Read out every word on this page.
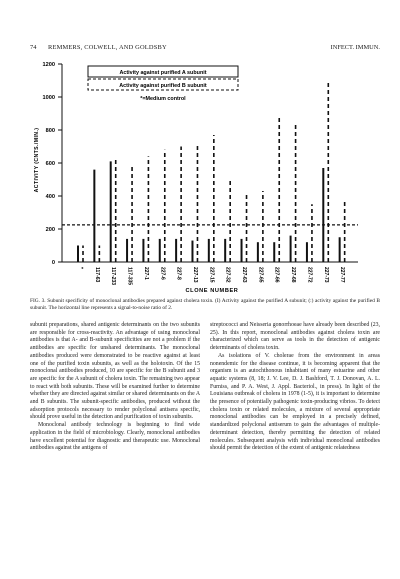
74 REMMERS, COLWELL, AND GOLDSBY	INFECT. IMMUN.
0
200
400
600
800
1000
1200
* 117-63 117-233 117-335 227-1 227-6 227-8 227-13 227-15 227-32 227-63 227-65 227-66 227-68 227-72 227-73 227-77
Activity against purified A subunit
Activity against purified B subunit
*=Medium control
ACTIVITY (CNTS./MIN.)
CLONE NUMBER
FIG. 3. Subunit specificity of monoclonal antibodies prepared against cholera toxin. (I) Activity against the purified A subunit; (:) activity against the purified B subunit. The horizontal line represents a signal-to-noise ratio of 2.

subunit preparations, shared antigenic determinants on the two subunits are responsible for cross-reactivity. An advantage of using monoclonal antibodies is that A- and B-subunit specificities are not a problem if the antibodies are specific for unshared determinants. The monoclonal antibodies produced were demonstrated to be reactive against at least one of the purified toxin subunits, as well as the holotoxin. Of the 15 monoclonal antibodies produced, 10 are specific for the B subunit and 3 are specific for the A subunit of cholera toxin. The remaining two appear to react with both subunits. These will be examined further to determine whether they are directed against similar or shared determinants on the A and B subunits. The subunit-specific antibodies, produced without the adsorption protocols necessary to render polyclonal antisera specific, should prove useful in the detection and purification of toxin subunits.

Monoclonal antibody technology is beginning to find wide application in the field of microbiology. Clearly, monoclonal antibodies have excellent potential for diagnostic and therapeutic use. Monoclonal antibodies against the antigens of

streptococci and Neisseria gonorrhoeae have already been described (23, 25). In this report, monoclonal antibodies against cholera toxin are characterized which can serve as tools in the detection of antigenic determinants of cholera toxin.

As isolations of V. cholerae from the environment in areas nonendemic for the disease continue, it is becoming apparent that the organism is an autochthonous inhabitant of many estuarine and other aquatic systems (8, 18; J. V. Lee, D. J. Bashford, T. J. Donovan, A. L. Furniss, and P. A. West, J. Appl. Bacteriol., in press). In light of the Louisiana outbreak of cholera in 1978 (1-5), it is important to determine the presence of potentially pathogenic toxin-producing vibrios. To detect cholera toxin or related molecules, a mixture of several appropriate monoclonal antibodies can be employed in a precisely defined, standardized polyclonal antiserum to gain the advantages of multiple-determinant detection, thereby permitting the detection of related molecules. Subsequent analysis with individual monoclonal antibodies should permit the detection of the extent of antigenic relatedness
